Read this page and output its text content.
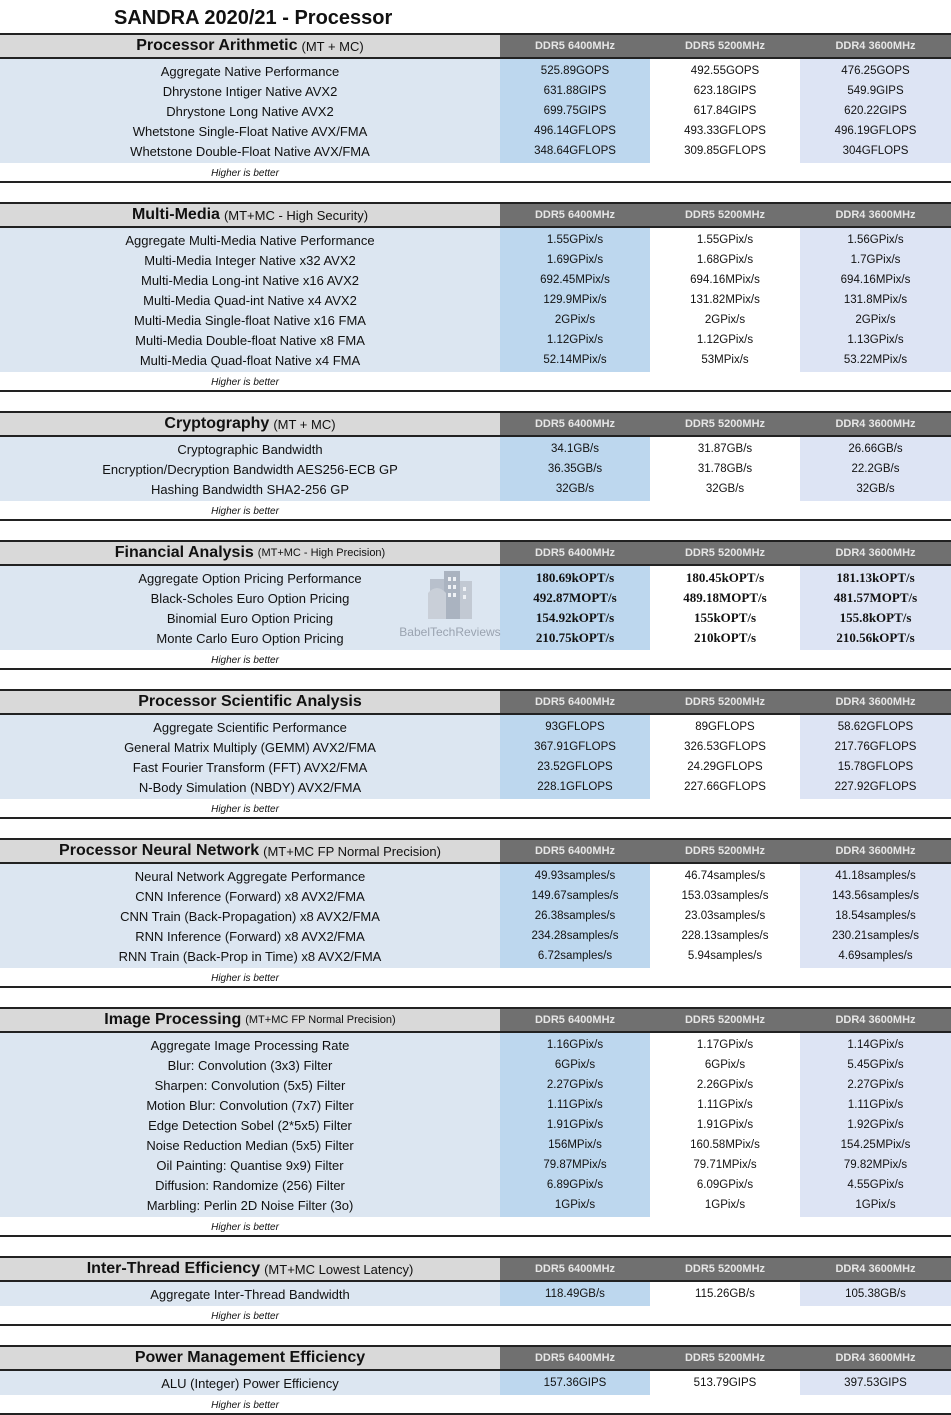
SANDRA 2020/21 - Processor
Processor Arithmetic (MT + MC)	DDR5 6400MHz	DDR5 5200MHz	DDR4 3600MHz
Aggregate Native Performance	525.89GOPS	492.55GOPS	476.25GOPS
Dhrystone Intiger Native AVX2	631.88GIPS	623.18GIPS	549.9GIPS
Dhrystone Long Native AVX2	699.75GIPS	617.84GIPS	620.22GIPS
Whetstone Single-Float Native AVX/FMA	496.14GFLOPS	493.33GFLOPS	496.19GFLOPS
Whetstone Double-Float Native AVX/FMA	348.64GFLOPS	309.85GFLOPS	304GFLOPS
Higher is better
Multi-Media (MT+MC - High Security)	DDR5 6400MHz	DDR5 5200MHz	DDR4 3600MHz
Aggregate Multi-Media Native Performance	1.55GPix/s	1.55GPix/s	1.56GPix/s
Multi-Media Integer Native x32 AVX2	1.69GPix/s	1.68GPix/s	1.7GPix/s
Multi-Media Long-int Native x16 AVX2	692.45MPix/s	694.16MPix/s	694.16MPix/s
Multi-Media Quad-int Native x4 AVX2	129.9MPix/s	131.82MPix/s	131.8MPix/s
Multi-Media Single-float Native x16 FMA	2GPix/s	2GPix/s	2GPix/s
Multi-Media Double-float Native x8 FMA	1.12GPix/s	1.12GPix/s	1.13GPix/s
Multi-Media Quad-float Native x4 FMA	52.14MPix/s	53MPix/s	53.22MPix/s
Higher is better
Cryptography (MT + MC)	DDR5 6400MHz	DDR5 5200MHz	DDR4 3600MHz
Cryptographic Bandwidth	34.1GB/s	31.87GB/s	26.66GB/s
Encryption/Decryption Bandwidth AES256-ECB GP	36.35GB/s	31.78GB/s	22.2GB/s
Hashing Bandwidth SHA2-256 GP	32GB/s	32GB/s	32GB/s
Higher is better
Financial Analysis (MT+MC - High Precision)	DDR5 6400MHz	DDR5 5200MHz	DDR4 3600MHz
Aggregate Option Pricing Performance	180.69kOPT/s	180.45kOPT/s	181.13kOPT/s
Black-Scholes Euro Option Pricing	492.87MOPT/s	489.18MOPT/s	481.57MOPT/s
Binomial Euro Option Pricing	154.92kOPT/s	155kOPT/s	155.8kOPT/s
Monte Carlo Euro Option Pricing	210.75kOPT/s	210kOPT/s	210.56kOPT/s
Higher is better
Processor Scientific Analysis	DDR5 6400MHz	DDR5 5200MHz	DDR4 3600MHz
Aggregate Scientific Performance	93GFLOPS	89GFLOPS	58.62GFLOPS
General Matrix Multiply (GEMM) AVX2/FMA	367.91GFLOPS	326.53GFLOPS	217.76GFLOPS
Fast Fourier Transform (FFT) AVX2/FMA	23.52GFLOPS	24.29GFLOPS	15.78GFLOPS
N-Body Simulation (NBDY) AVX2/FMA	228.1GFLOPS	227.66GFLOPS	227.92GFLOPS
Higher is better
Processor Neural Network (MT+MC FP Normal Precision)	DDR5 6400MHz	DDR5 5200MHz	DDR4 3600MHz
Neural Network Aggregate Performance	49.93samples/s	46.74samples/s	41.18samples/s
CNN Inference (Forward) x8 AVX2/FMA	149.67samples/s	153.03samples/s	143.56samples/s
CNN Train (Back-Propagation) x8 AVX2/FMA	26.38samples/s	23.03samples/s	18.54samples/s
RNN Inference (Forward) x8 AVX2/FMA	234.28samples/s	228.13samples/s	230.21samples/s
RNN Train (Back-Prop in Time) x8 AVX2/FMA	6.72samples/s	5.94samples/s	4.69samples/s
Higher is better
Image Processing (MT+MC FP Normal Precision)	DDR5 6400MHz	DDR5 5200MHz	DDR4 3600MHz
Aggregate Image Processing Rate	1.16GPix/s	1.17GPix/s	1.14GPix/s
Blur: Convolution (3x3) Filter	6GPix/s	6GPix/s	5.45GPix/s
Sharpen: Convolution (5x5) Filter	2.27GPix/s	2.26GPix/s	2.27GPix/s
Motion Blur: Convolution (7x7) Filter	1.11GPix/s	1.11GPix/s	1.11GPix/s
Edge Detection Sobel (2*5x5) Filter	1.91GPix/s	1.91GPix/s	1.92GPix/s
Noise Reduction Median (5x5) Filter	156MPix/s	160.58MPix/s	154.25MPix/s
Oil Painting: Quantise 9x9) Filter	79.87MPix/s	79.71MPix/s	79.82MPix/s
Diffusion: Randomize (256) Filter	6.89GPix/s	6.09GPix/s	4.55GPix/s
Marbling: Perlin 2D Noise Filter (3o)	1GPix/s	1GPix/s	1GPix/s
Higher is better
Inter-Thread Efficiency (MT+MC Lowest Latency)	DDR5 6400MHz	DDR5 5200MHz	DDR4 3600MHz
Aggregate Inter-Thread Bandwidth	118.49GB/s	115.26GB/s	105.38GB/s
Higher is better
Power Management Efficiency	DDR5 6400MHz	DDR5 5200MHz	DDR4 3600MHz
ALU (Integer) Power Efficiency	157.36GIPS	513.79GIPS	397.53GIPS
Higher is better
BabelTechReviews
